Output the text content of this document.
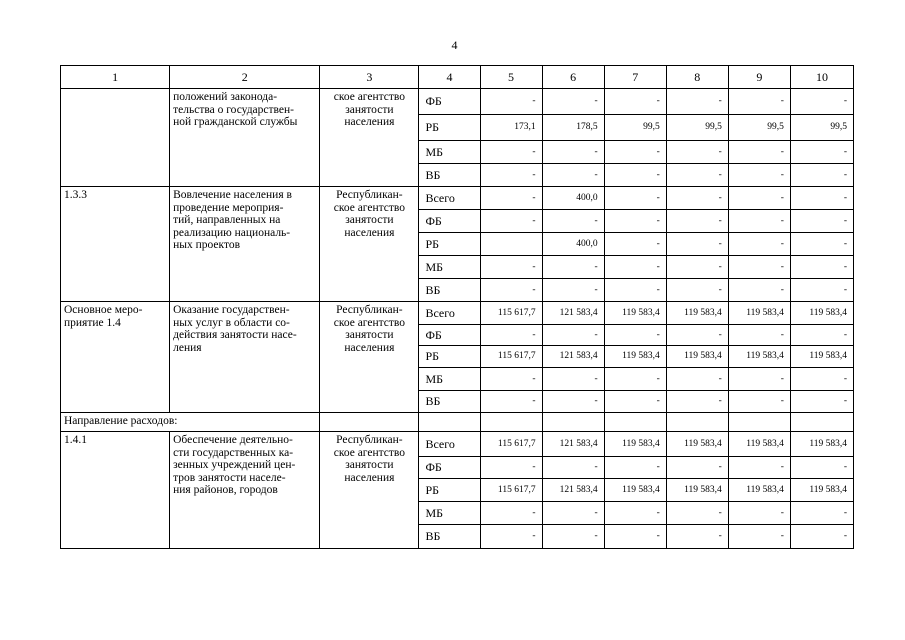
4
1	2	3	4	5	6	7	8	9	10
	положений законода-
тельства о государствен-
ной гражданской службы	ское агентство
занятости
населения	ФБ	-	-	-	-	-	-
			РБ	173,1	178,5	99,5	99,5	99,5	99,5
			МБ	-	-	-	-	-	-
			ВБ	-	-	-	-	-	-
1.3.3	Вовлечение населения в
проведение мероприя-
тий, направленных на
реализацию националь-
ных проектов	Республикан-
ское агентство
занятости
населения	Всего	-	400,0	-	-	-	-
			ФБ	-	-	-	-	-	-
			РБ		400,0	-	-	-	-
			МБ	-	-	-	-	-	-
			ВБ	-	-	-	-	-	-
Основное меро-
приятие 1.4	Оказание государствен-
ных услуг в области со-
действия занятости насе-
ления	Республикан-
ское агентство
занятости
населения	Всего	115 617,7	121 583,4	119 583,4	119 583,4	119 583,4	119 583,4
			ФБ	-	-	-	-	-	-
			РБ	115 617,7	121 583,4	119 583,4	119 583,4	119 583,4	119 583,4
			МБ	-	-	-	-	-	-
			ВБ	-	-	-	-	-	-
Направление расходов:									
1.4.1	Обеспечение деятельно-
сти государственных ка-
зенных учреждений цен-
тров занятости населе-
ния районов, городов	Республикан-
ское агентство
занятости
населения	Всего	115 617,7	121 583,4	119 583,4	119 583,4	119 583,4	119 583,4
			ФБ	-	-	-	-	-	-
			РБ	115 617,7	121 583,4	119 583,4	119 583,4	119 583,4	119 583,4
			МБ	-	-	-	-	-	-
			ВБ	-	-	-	-	-	-
